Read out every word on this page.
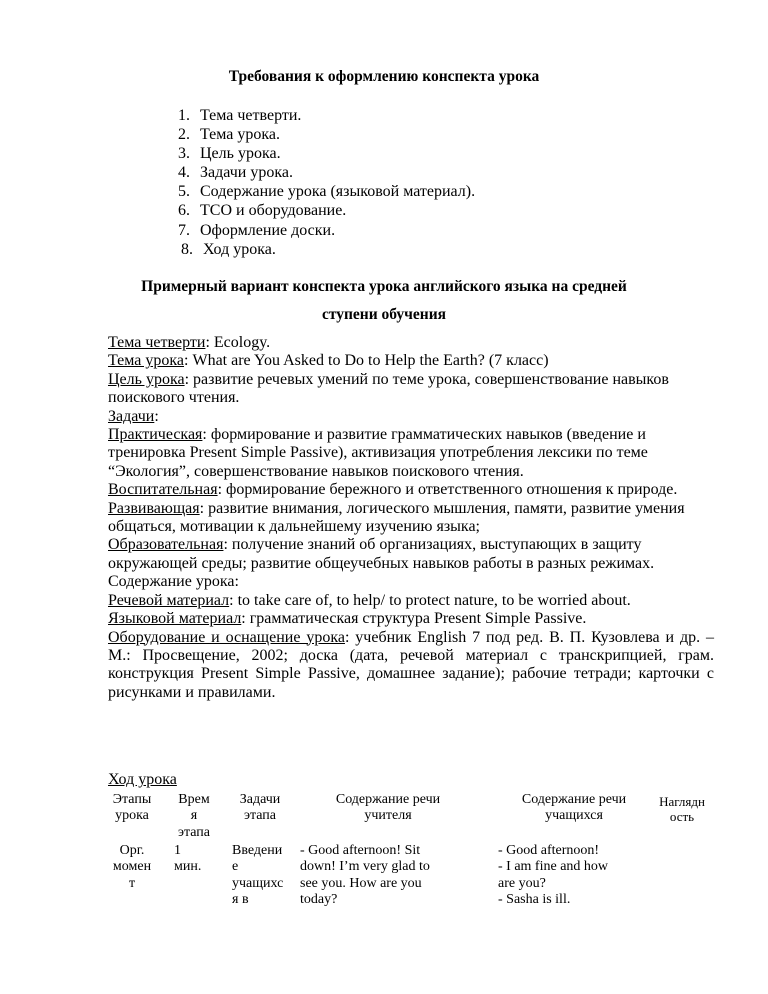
Требования к оформлению конспекта урока
1. Тема четверти.
2. Тема урока.
3. Цель урока.
4. Задачи урока.
5. Содержание урока (языковой материал).
6. ТСО и оборудование.
7. Оформление доски.
8. Ход урока.
Примерный вариант конспекта урока английского языка на средней
ступени обучения

Тема четверти: Ecology.

Тема урока: What are You Asked to Do to Help the Earth? (7 класс)

Цель урока: развитие речевых умений по теме урока, совершенствование навыков поискового чтения.

Задачи:

Практическая: формирование и развитие грамматических навыков (введение и тренировка Present Simple Passive), активизация употребления лексики по теме “Экология”, совершенствование навыков поискового чтения.

Воспитательная: формирование бережного и ответственного отношения к природе.

Развивающая: развитие внимания, логического мышления, памяти, развитие умения общаться, мотивации к дальнейшему изучению языка;

Образовательная: получение знаний об организациях, выступающих в защиту окружающей среды; развитие общеучебных навыков работы в разных режимах.

Содержание урока:

Речевой материал: to take care of, to help/ to protect nature, to be worried about.

Языковой материал: грамматическая структура Present Simple Passive.

Оборудование и оснащение урока: учебник English 7 под ред. В. П. Кузовлева и др. – М.: Просвещение, 2002; доска (дата, речевой материал с транскрипцией, грам. конструкция Present Simple Passive, домашнее задание); рабочие тетради; карточки с рисунками и правилами.

Ход урока
Этапы
урока
Врем
я
этапа
Задачи
этапа
Содержание речи
учителя
Содержание речи
учащихся
Наглядн
ость
Орг.
момен
т
1
мин.
Введени
е
учащихс
я в
- Good afternoon! Sit
down! I’m very glad to
see you. How are you
today?
- Good afternoon!
- I am fine and how
are you?
- Sasha is ill.
